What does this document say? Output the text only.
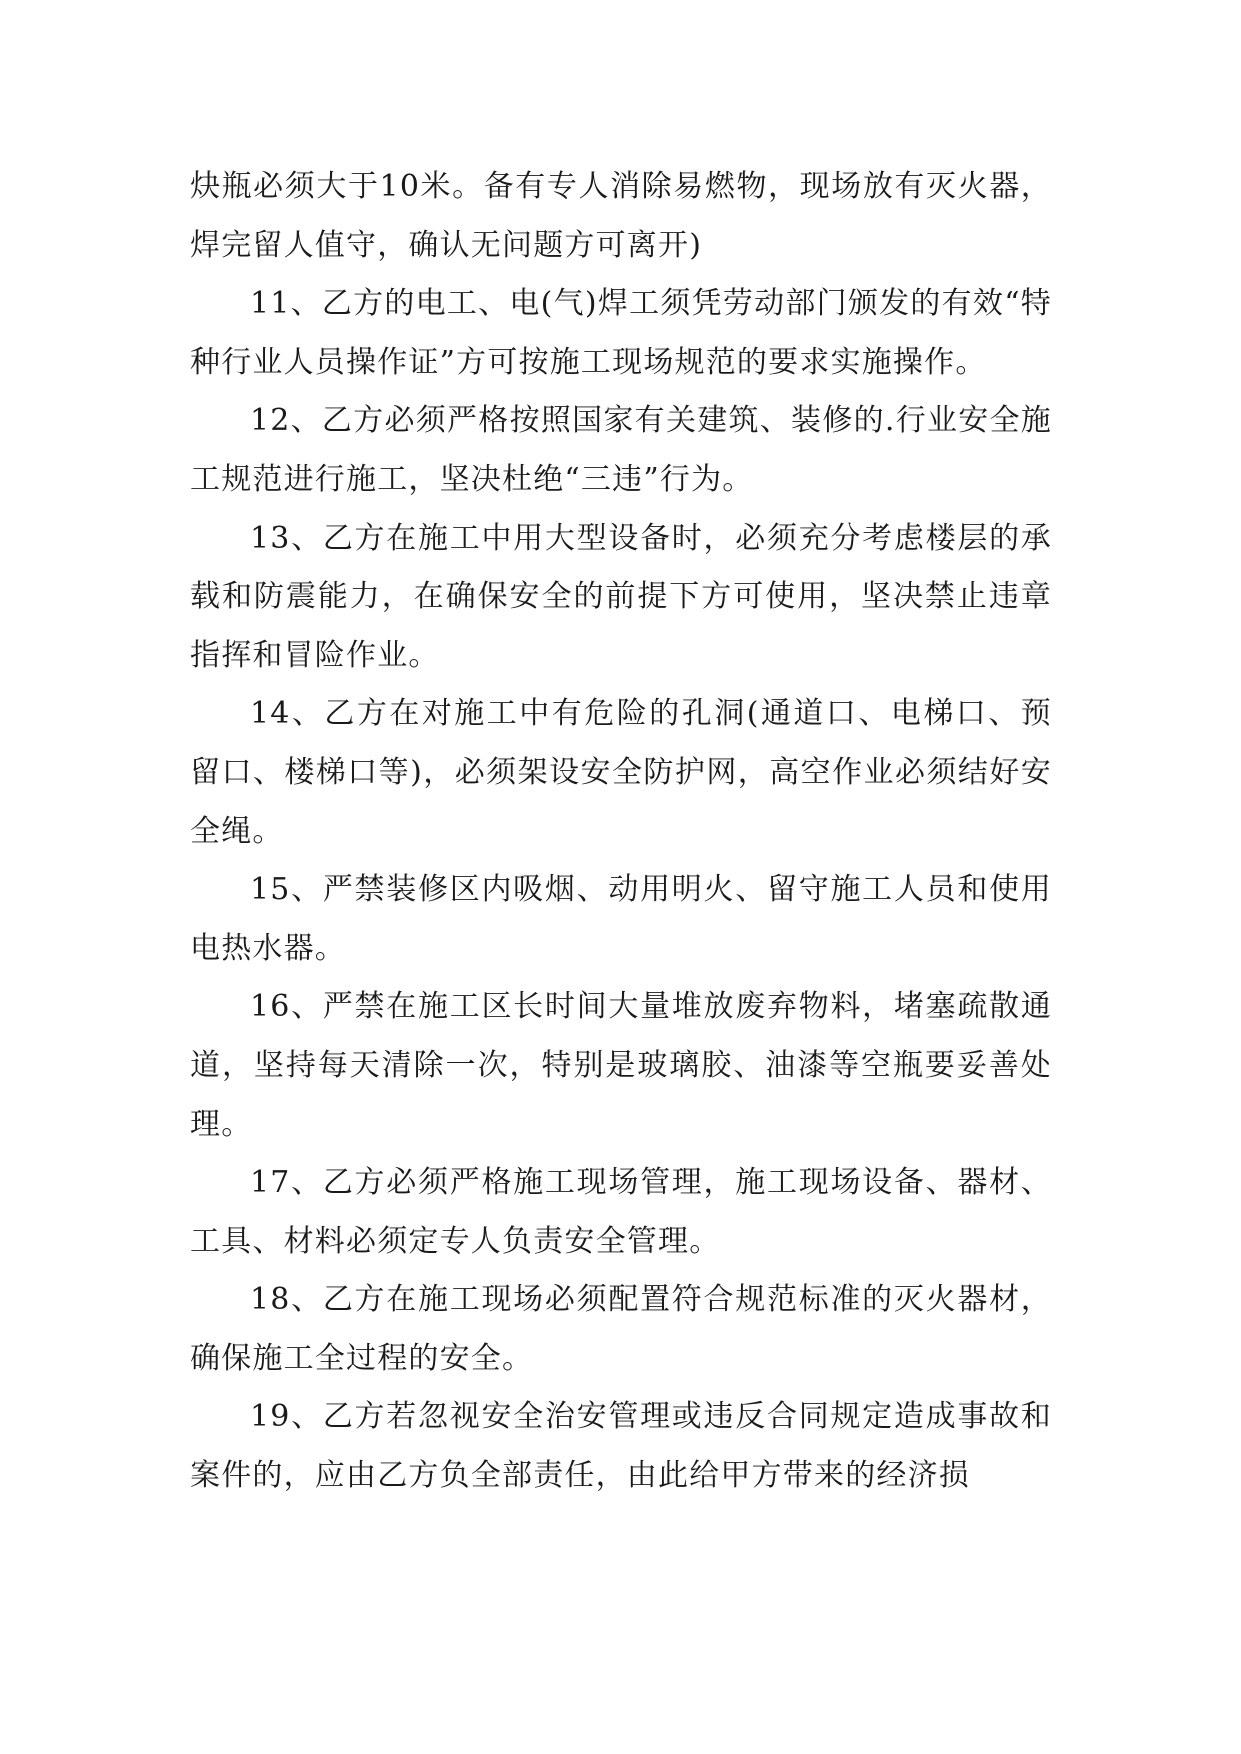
炔瓶必须大于10米。备有专人消除易燃物，现场放有灭火器，焊完留人值守，确认无问题方可离开)

11、乙方的电工、电(气)焊工须凭劳动部门颁发的有效“特种行业人员操作证”方可按施工现场规范的要求实施操作。

12、乙方必须严格按照国家有关建筑、装修的.行业安全施工规范进行施工，坚决杜绝“三违”行为。

13、乙方在施工中用大型设备时，必须充分考虑楼层的承载和防震能力，在确保安全的前提下方可使用，坚决禁止违章指挥和冒险作业。

14、乙方在对施工中有危险的孔洞(通道口、电梯口、预留口、楼梯口等)，必须架设安全防护网，高空作业必须结好安全绳。

15、严禁装修区内吸烟、动用明火、留守施工人员和使用电热水器。

16、严禁在施工区长时间大量堆放废弃物料，堵塞疏散通道，坚持每天清除一次，特别是玻璃胶、油漆等空瓶要妥善处理。

17、乙方必须严格施工现场管理，施工现场设备、器材、工具、材料必须定专人负责安全管理。

18、乙方在施工现场必须配置符合规范标准的灭火器材，确保施工全过程的安全。

19、乙方若忽视安全治安管理或违反合同规定造成事故和案件的，应由乙方负全部责任，由此给甲方带来的经济损
